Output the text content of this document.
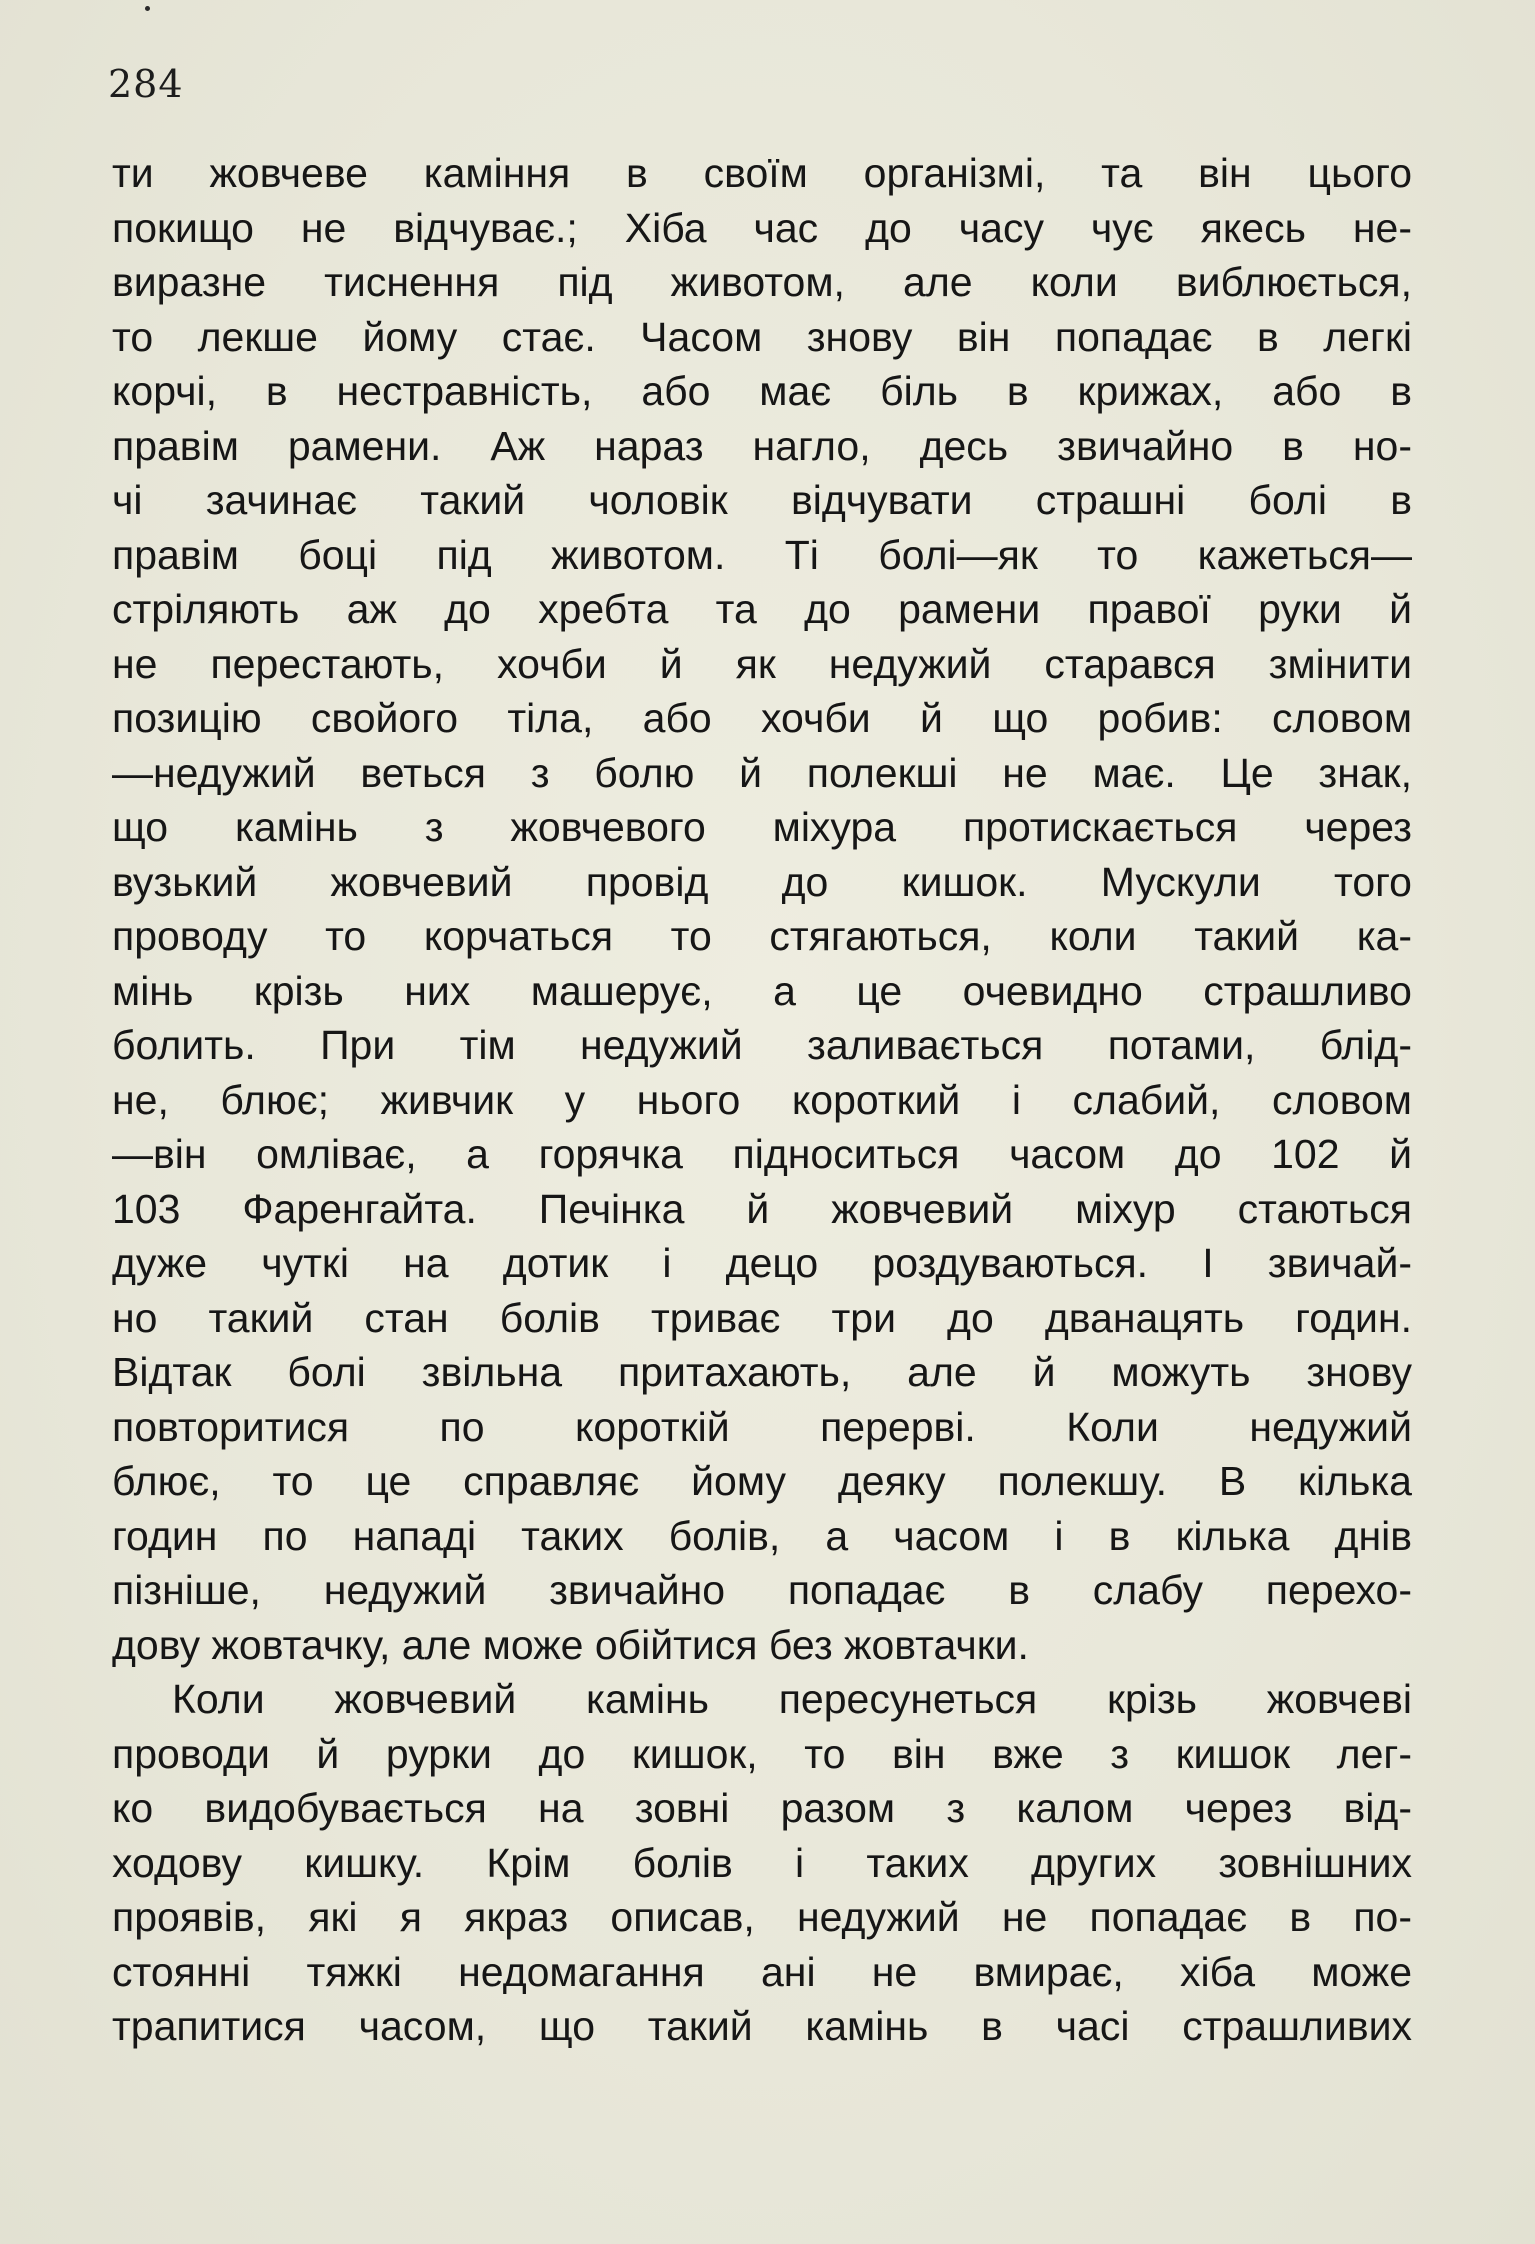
284
ти жовчеве каміння в своїм організмі, та він цього
покищо не відчуває.; Хіба час до часу чує якесь не-
виразне тиснення під животом, але коли виблюється,
то лекше йому стає. Часом знову він попадає в легкі
корчі, в нестравність, або має біль в крижах, або в
правім рамени. Аж нараз нагло, десь звичайно в но-
чі зачинає такий чоловік відчувати страшні болі в
правім боці під животом. Ті болі—як то кажеться—
стріляють аж до хребта та до рамени правої руки й
не перестають, хочби й як недужий старався змінити
позицію свойого тіла, або хочби й що робив: словом
—недужий веться з болю й полекші не має. Це знак,
що камінь з жовчевого міхура протискається через
вузький жовчевий провід до кишок. Мускули того
проводу то корчаться то стягаються, коли такий ка-
мінь крізь них машерує, а це очевидно страшливо
болить. При тім недужий заливається потами, блід-
не, блює; живчик у нього короткий і слабий, словом
—він омліває, а горячка підноситься часом до 102 й
103 Фаренгайта. Печінка й жовчевий міхур стаються
дуже чуткі на дотик і децо роздуваються. І звичай-
но такий стан болів триває три до дванацять годин.
Відтак болі звільна притахають, але й можуть знову
повторитися по короткій перерві. Коли недужий
блює, то це справляє йому деяку полекшу. В кілька
годин по нападі таких болів, а часом і в кілька днів
пізніше, недужий звичайно попадає в слабу перехо-
дову жовтачку, але може обійтися без жовтачки.
Коли жовчевий камінь пересунеться крізь жовчеві
проводи й рурки до кишок, то він вже з кишок лег-
ко видобувається на зовні разом з калом через від-
ходову кишку. Крім болів і таких других зовнішних
проявів, які я якраз описав, недужий не попадає в по-
стоянні тяжкі недомагання ані не вмирає, хіба може
трапитися часом, що такий камінь в часі страшливих
